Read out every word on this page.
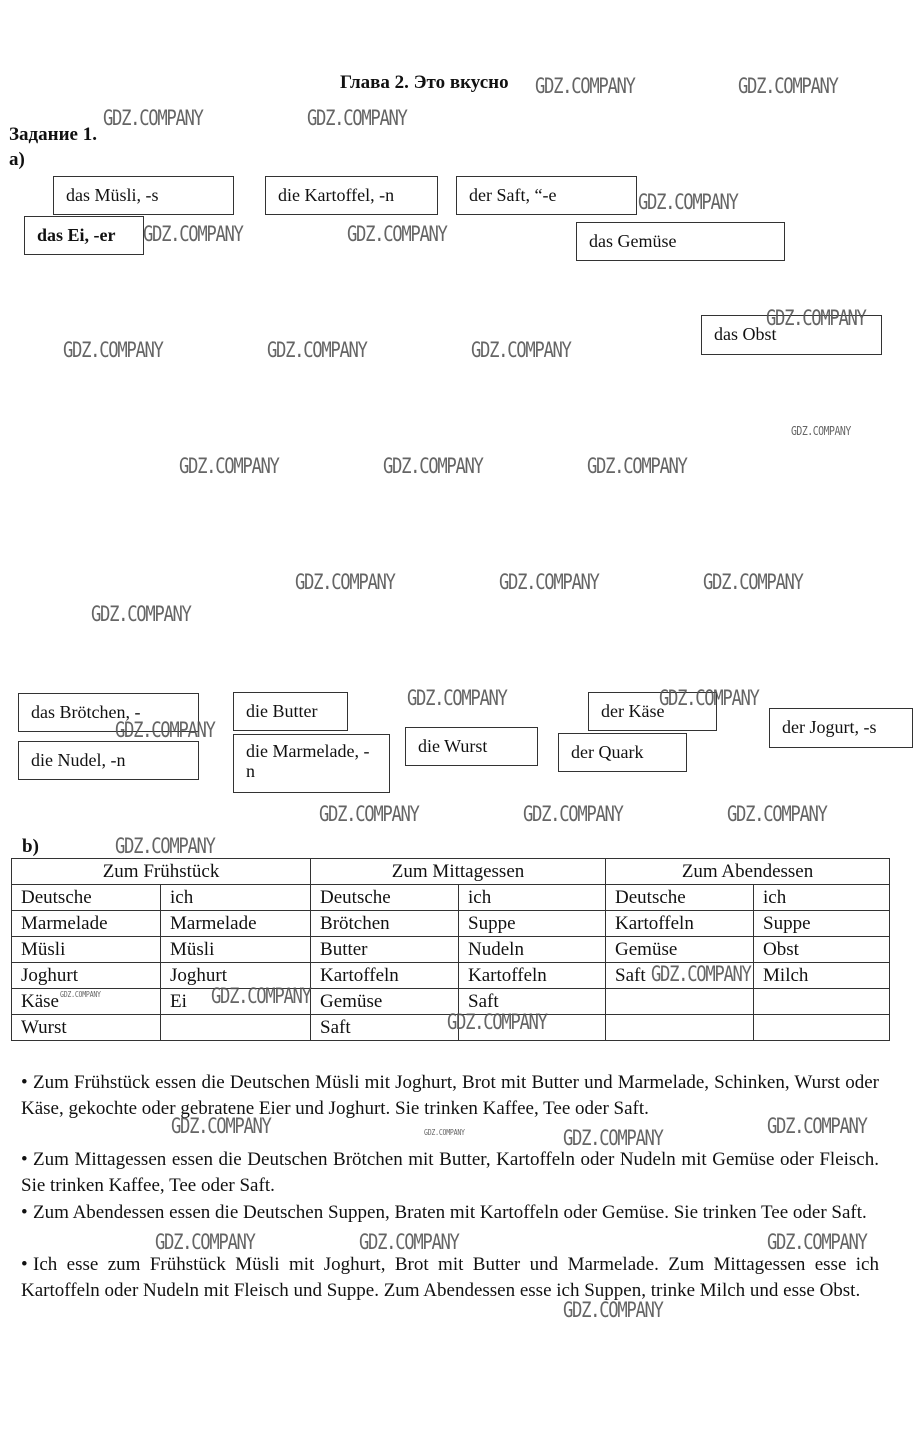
Глава 2. Это вкусно
Задание 1.
a)
das Müsli, -s	die Kartoffel, -n	der Saft, “-e
das Ei, -er	das Gemüse
das Obst
das Brötchen, -	die Butter
die Marmelade, -n
die Nudel, -n
die Wurst
der Käse
der Quark
der Jogurt, -s
b)
Zum Frühstück		Zum Mittagessen		Zum Abendessen	
Deutsche	ich	Deutsche	ich	Deutsche	ich
Marmelade	Marmelade	Brötchen	Suppe	Kartoffeln	Suppe
Müsli	Müsli	Butter	Nudeln	Gemüse	Obst
Joghurt	Joghurt	Kartoffeln	Kartoffeln	Saft	Milch
Käse	Ei	Gemüse	Saft		
Wurst		Saft			
• Zum Frühstück essen die Deutschen Müsli mit Joghurt, Brot mit Butter und Marmelade, Schinken, Wurst oder Käse, gekochte oder gebratene Eier und Joghurt. Sie trinken Kaffee, Tee oder Saft.
• Zum Mittagessen essen die Deutschen Brötchen mit Butter, Kartoffeln oder Nudeln mit Gemüse oder Fleisch. Sie trinken Kaffee, Tee oder Saft.
• Zum Abendessen essen die Deutschen Suppen, Braten mit Kartoffeln oder Gemüse. Sie trinken Tee oder Saft.
• Ich esse zum Frühstück Müsli mit Joghurt, Brot mit Butter und Marmelade. Zum Mittagessen esse ich Kartoffeln oder Nudeln mit Fleisch und Suppe. Zum Abendessen esse ich Suppen, trinke Milch und esse Obst.
GDZ.COMPANY	GDZ.COMPANY
GDZ.COMPANY	GDZ.COMPANY
GDZ.COMPANY
GDZ.COMPANY	GDZ.COMPANY
GDZ.COMPANY
GDZ.COMPANY	GDZ.COMPANY	GDZ.COMPANY
GDZ.COMPANY
GDZ.COMPANY	GDZ.COMPANY	GDZ.COMPANY
GDZ.COMPANY	GDZ.COMPANY	GDZ.COMPANY
GDZ.COMPANY
GDZ.COMPANY	GDZ.COMPANY
GDZ.COMPANY
GDZ.COMPANY	GDZ.COMPANY	GDZ.COMPANY
GDZ.COMPANY
GDZ.COMPANY
GDZ.COMPANY
GDZ.COMPANY
GDZ.COMPANY
GDZ.COMPANY	GDZ.COMPANY
GDZ.COMPANY	GDZ.COMPANY
GDZ.COMPANY	GDZ.COMPANY	GDZ.COMPANY
GDZ.COMPANY
